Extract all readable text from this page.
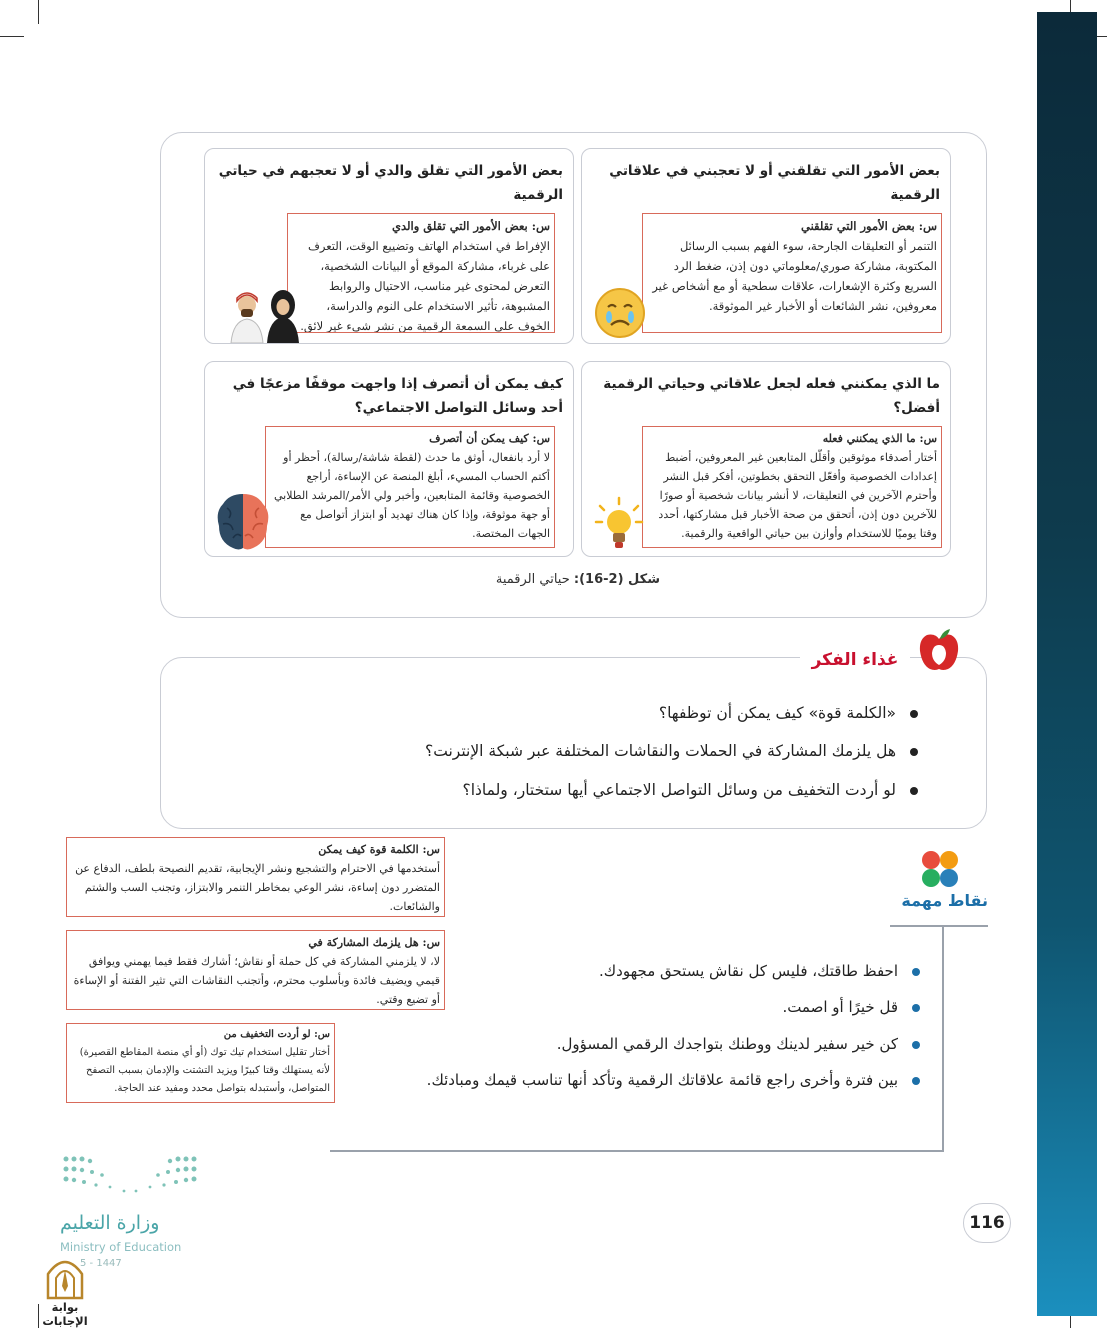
بعض الأمور التي تقلقني أو لا تعجبني في علاقاتي الرقمية
س: بعض الأمور التي تقلقني
التنمر أو التعليقات الجارحة، سوء الفهم بسبب الرسائل المكتوبة، مشاركة صوري/معلوماتي دون إذن، ضغط الرد السريع وكثرة الإشعارات، علاقات سطحية أو مع أشخاص غير معروفين، نشر الشائعات أو الأخبار غير الموثوقة.
بعض الأمور التي تقلق والدي أو لا تعجبهم في حياتي الرقمية
س: بعض الأمور التي تقلق والدي
الإفراط في استخدام الهاتف وتضييع الوقت، التعرف على غرباء، مشاركة الموقع أو البيانات الشخصية، التعرض لمحتوى غير مناسب، الاحتيال والروابط المشبوهة، تأثير الاستخدام على النوم والدراسة، الخوف على السمعة الرقمية من نشر شيء غير لائق.
ما الذي يمكنني فعله لجعل علاقاتي وحياتي الرقمية أفضل؟
س: ما الذي يمكنني فعله
أختار أصدقاء موثوقين وأقلّل المتابعين غير المعروفين، أضبط إعدادات الخصوصية وأفعّل التحقق بخطوتين، أفكر قبل النشر وأحترم الآخرين في التعليقات، لا أنشر بيانات شخصية أو صورًا للآخرين دون إذن، أتحقق من صحة الأخبار قبل مشاركتها، أحدد وقتا يوميًا للاستخدام وأوازن بين حياتي الواقعية والرقمية.
كيف يمكن أن أتصرف إذا واجهت موقفًا مزعجًا في أحد وسائل التواصل الاجتماعي؟
س: كيف يمكن أن أتصرف
لا أرد بانفعال، أوثق ما حدث (لقطة شاشة/رسالة)، أحظر أو أكتم الحساب المسيء، أبلغ المنصة عن الإساءة، أراجع الخصوصية وقائمة المتابعين، وأخبر ولي الأمر/المرشد الطلابي أو جهة موثوقة، وإذا كان هناك تهديد أو ابتزاز أتواصل مع الجهات المختصة.
شكل (2-16): حياتي الرقمية
غذاء الفكر
«الكلمة قوة» كيف يمكن أن توظفها؟
هل يلزمك المشاركة في الحملات والنقاشات المختلفة عبر شبكة الإنترنت؟
لو أردت التخفيف من وسائل التواصل الاجتماعي أيها ستختار، ولماذا؟
س: الكلمة قوة كيف يمكن
أستخدمها في الاحترام والتشجيع ونشر الإيجابية، تقديم النصيحة بلطف، الدفاع عن المتضرر دون إساءة، نشر الوعي بمخاطر التنمر والابتزاز، وتجنب السب والشتم والشائعات.
س: هل يلزمك المشاركة في
لا، لا يلزمني المشاركة في كل حملة أو نقاش؛ أشارك فقط فيما يهمني ويوافق قيمي ويضيف فائدة وبأسلوب محترم، وأتجنب النقاشات التي تثير الفتنة أو الإساءة أو تضيع وقتي.
س: لو أردت التخفيف من
أختار تقليل استخدام تيك توك (أو أي منصة المقاطع القصيرة) لأنه يستهلك وقتا كبيرًا ويزيد التشتت والإدمان بسبب التصفح المتواصل، وأستبدله بتواصل محدد ومفيد عند الحاجة.
نقاط مهمة
احفظ طاقتك، فليس كل نقاش يستحق مجهودك.
قل خيرًا أو اصمت.
كن خير سفير لدينك ووطنك بتواجدك الرقمي المسؤول.
بين فترة وأخرى راجع قائمة علاقاتك الرقمية وتأكد أنها تناسب قيمك ومبادئك.
116
وزارة التعليم
Ministry of Education
5 - 1447
بوابة الإجابات
